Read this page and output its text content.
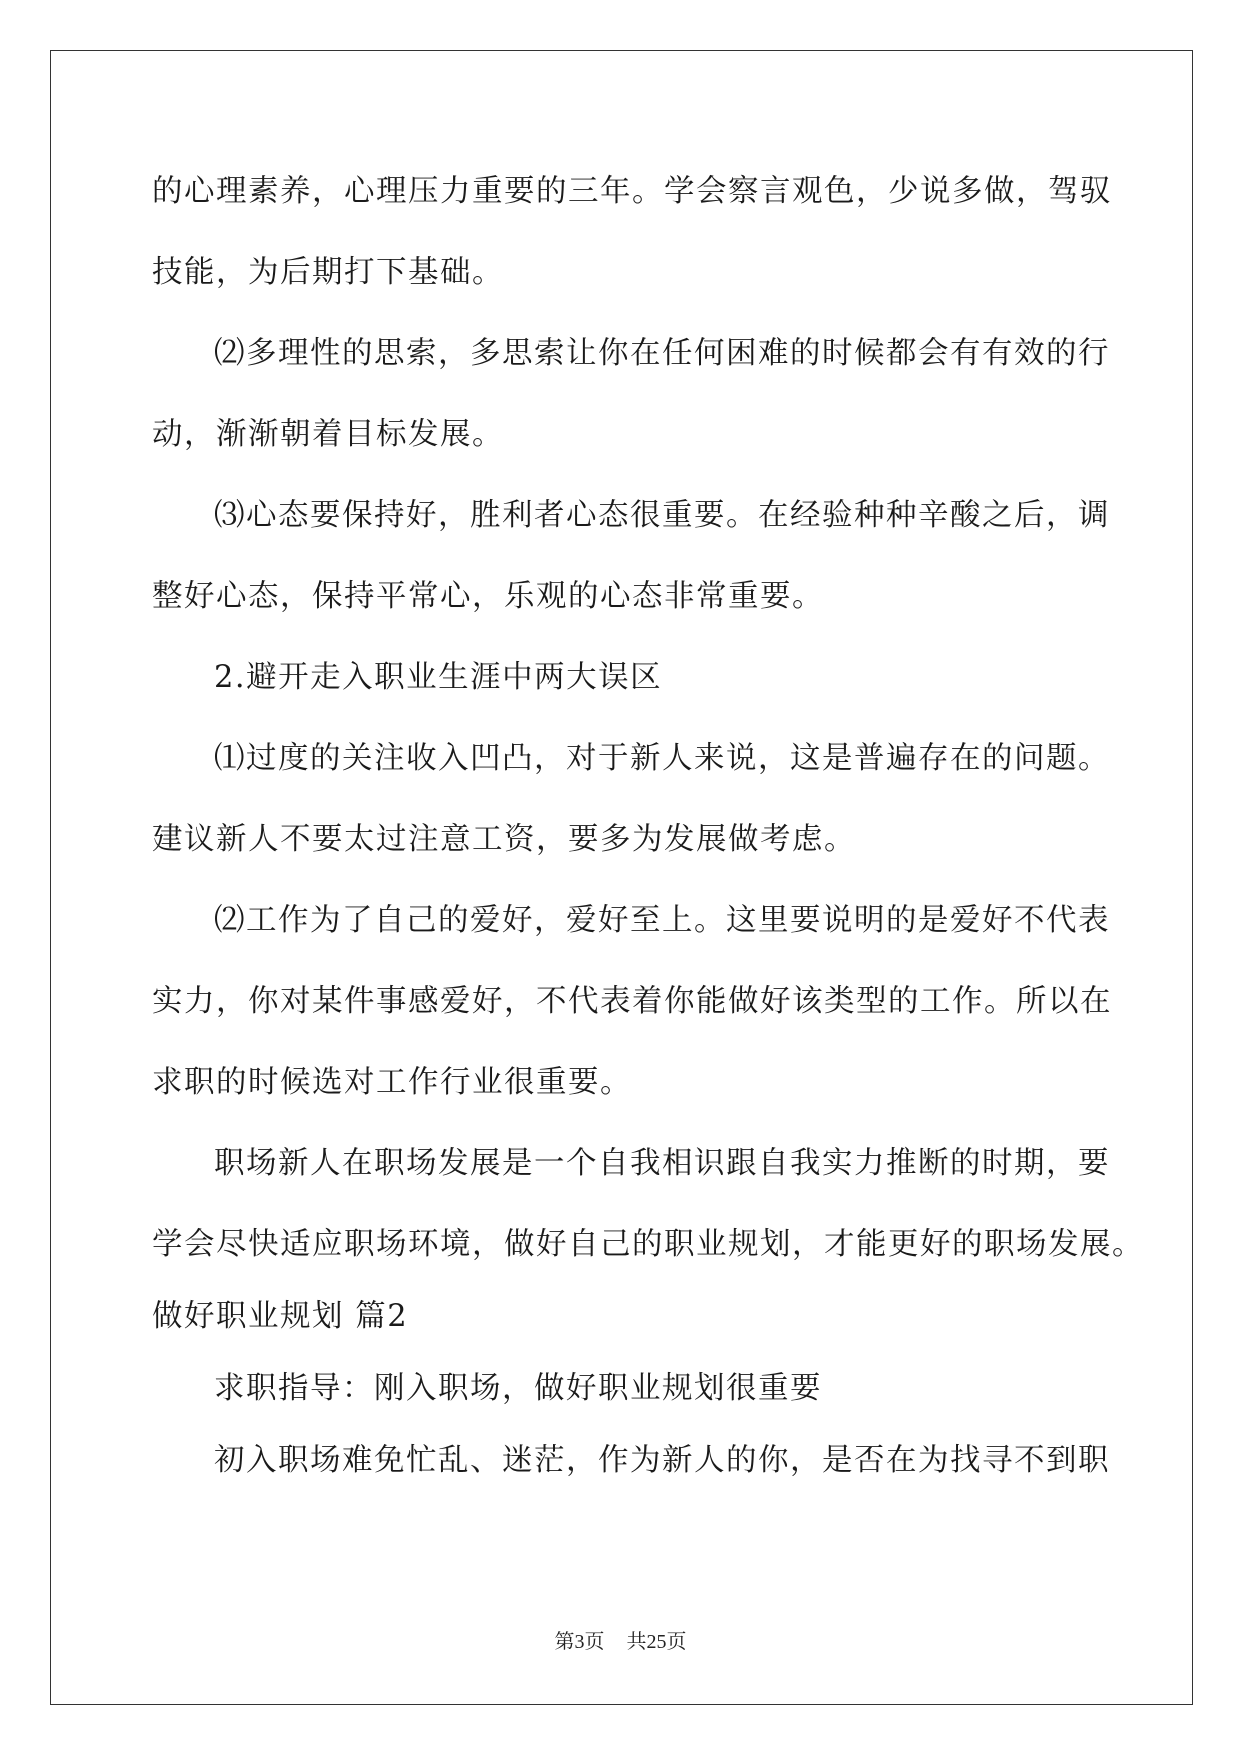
的心理素养，心理压力重要的三年。学会察言观色，少说多做，驾驭
技能，为后期打下基础。
⑵多理性的思索，多思索让你在任何困难的时候都会有有效的行
动，渐渐朝着目标发展。
⑶心态要保持好，胜利者心态很重要。在经验种种辛酸之后，调
整好心态，保持平常心，乐观的心态非常重要。
2.避开走入职业生涯中两大误区
⑴过度的关注收入凹凸，对于新人来说，这是普遍存在的问题。
建议新人不要太过注意工资，要多为发展做考虑。
⑵工作为了自己的爱好，爱好至上。这里要说明的是爱好不代表
实力，你对某件事感爱好，不代表着你能做好该类型的工作。所以在
求职的时候选对工作行业很重要。
职场新人在职场发展是一个自我相识跟自我实力推断的时期，要
学会尽快适应职场环境，做好自己的职业规划，才能更好的职场发展。
做好职业规划 篇2
求职指导：刚入职场，做好职业规划很重要
初入职场难免忙乱、迷茫，作为新人的你，是否在为找寻不到职
第3页 共25页
